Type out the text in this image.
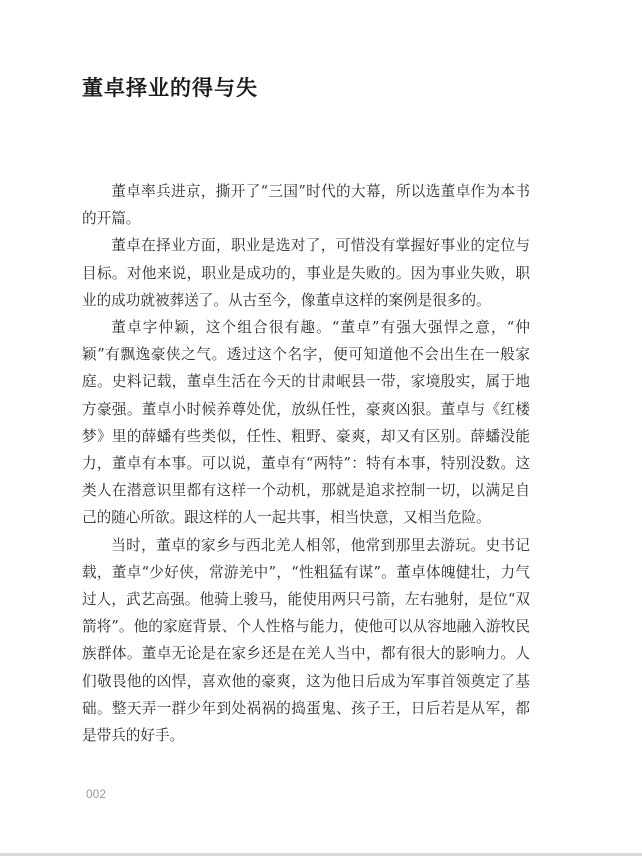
董卓择业的得与失

董卓率兵进京，撕开了“三国”时代的大幕，所以选董卓作为本书的开篇。

董卓在择业方面，职业是选对了，可惜没有掌握好事业的定位与目标。对他来说，职业是成功的，事业是失败的。因为事业失败，职业的成功就被葬送了。从古至今，像董卓这样的案例是很多的。

董卓字仲颖，这个组合很有趣。“董卓”有强大强悍之意，“仲颖”有飘逸豪侠之气。透过这个名字，便可知道他不会出生在一般家庭。史料记载，董卓生活在今天的甘肃岷县一带，家境殷实，属于地方豪强。董卓小时候养尊处优，放纵任性，豪爽凶狠。董卓与《红楼梦》里的薛蟠有些类似，任性、粗野、豪爽，却又有区别。薛蟠没能力，董卓有本事。可以说，董卓有“两特”：特有本事，特别没数。这类人在潜意识里都有这样一个动机，那就是追求控制一切，以满足自己的随心所欲。跟这样的人一起共事，相当快意，又相当危险。

当时，董卓的家乡与西北羌人相邻，他常到那里去游玩。史书记载，董卓“少好侠，常游羌中”，“性粗猛有谋”。董卓体魄健壮，力气过人，武艺高强。他骑上骏马，能使用两只弓箭，左右驰射，是位“双箭将”。他的家庭背景、个人性格与能力，使他可以从容地融入游牧民族群体。董卓无论是在家乡还是在羌人当中，都有很大的影响力。人们敬畏他的凶悍，喜欢他的豪爽，这为他日后成为军事首领奠定了基础。整天弄一群少年到处祸祸的捣蛋鬼、孩子王，日后若是从军，都是带兵的好手。

002
